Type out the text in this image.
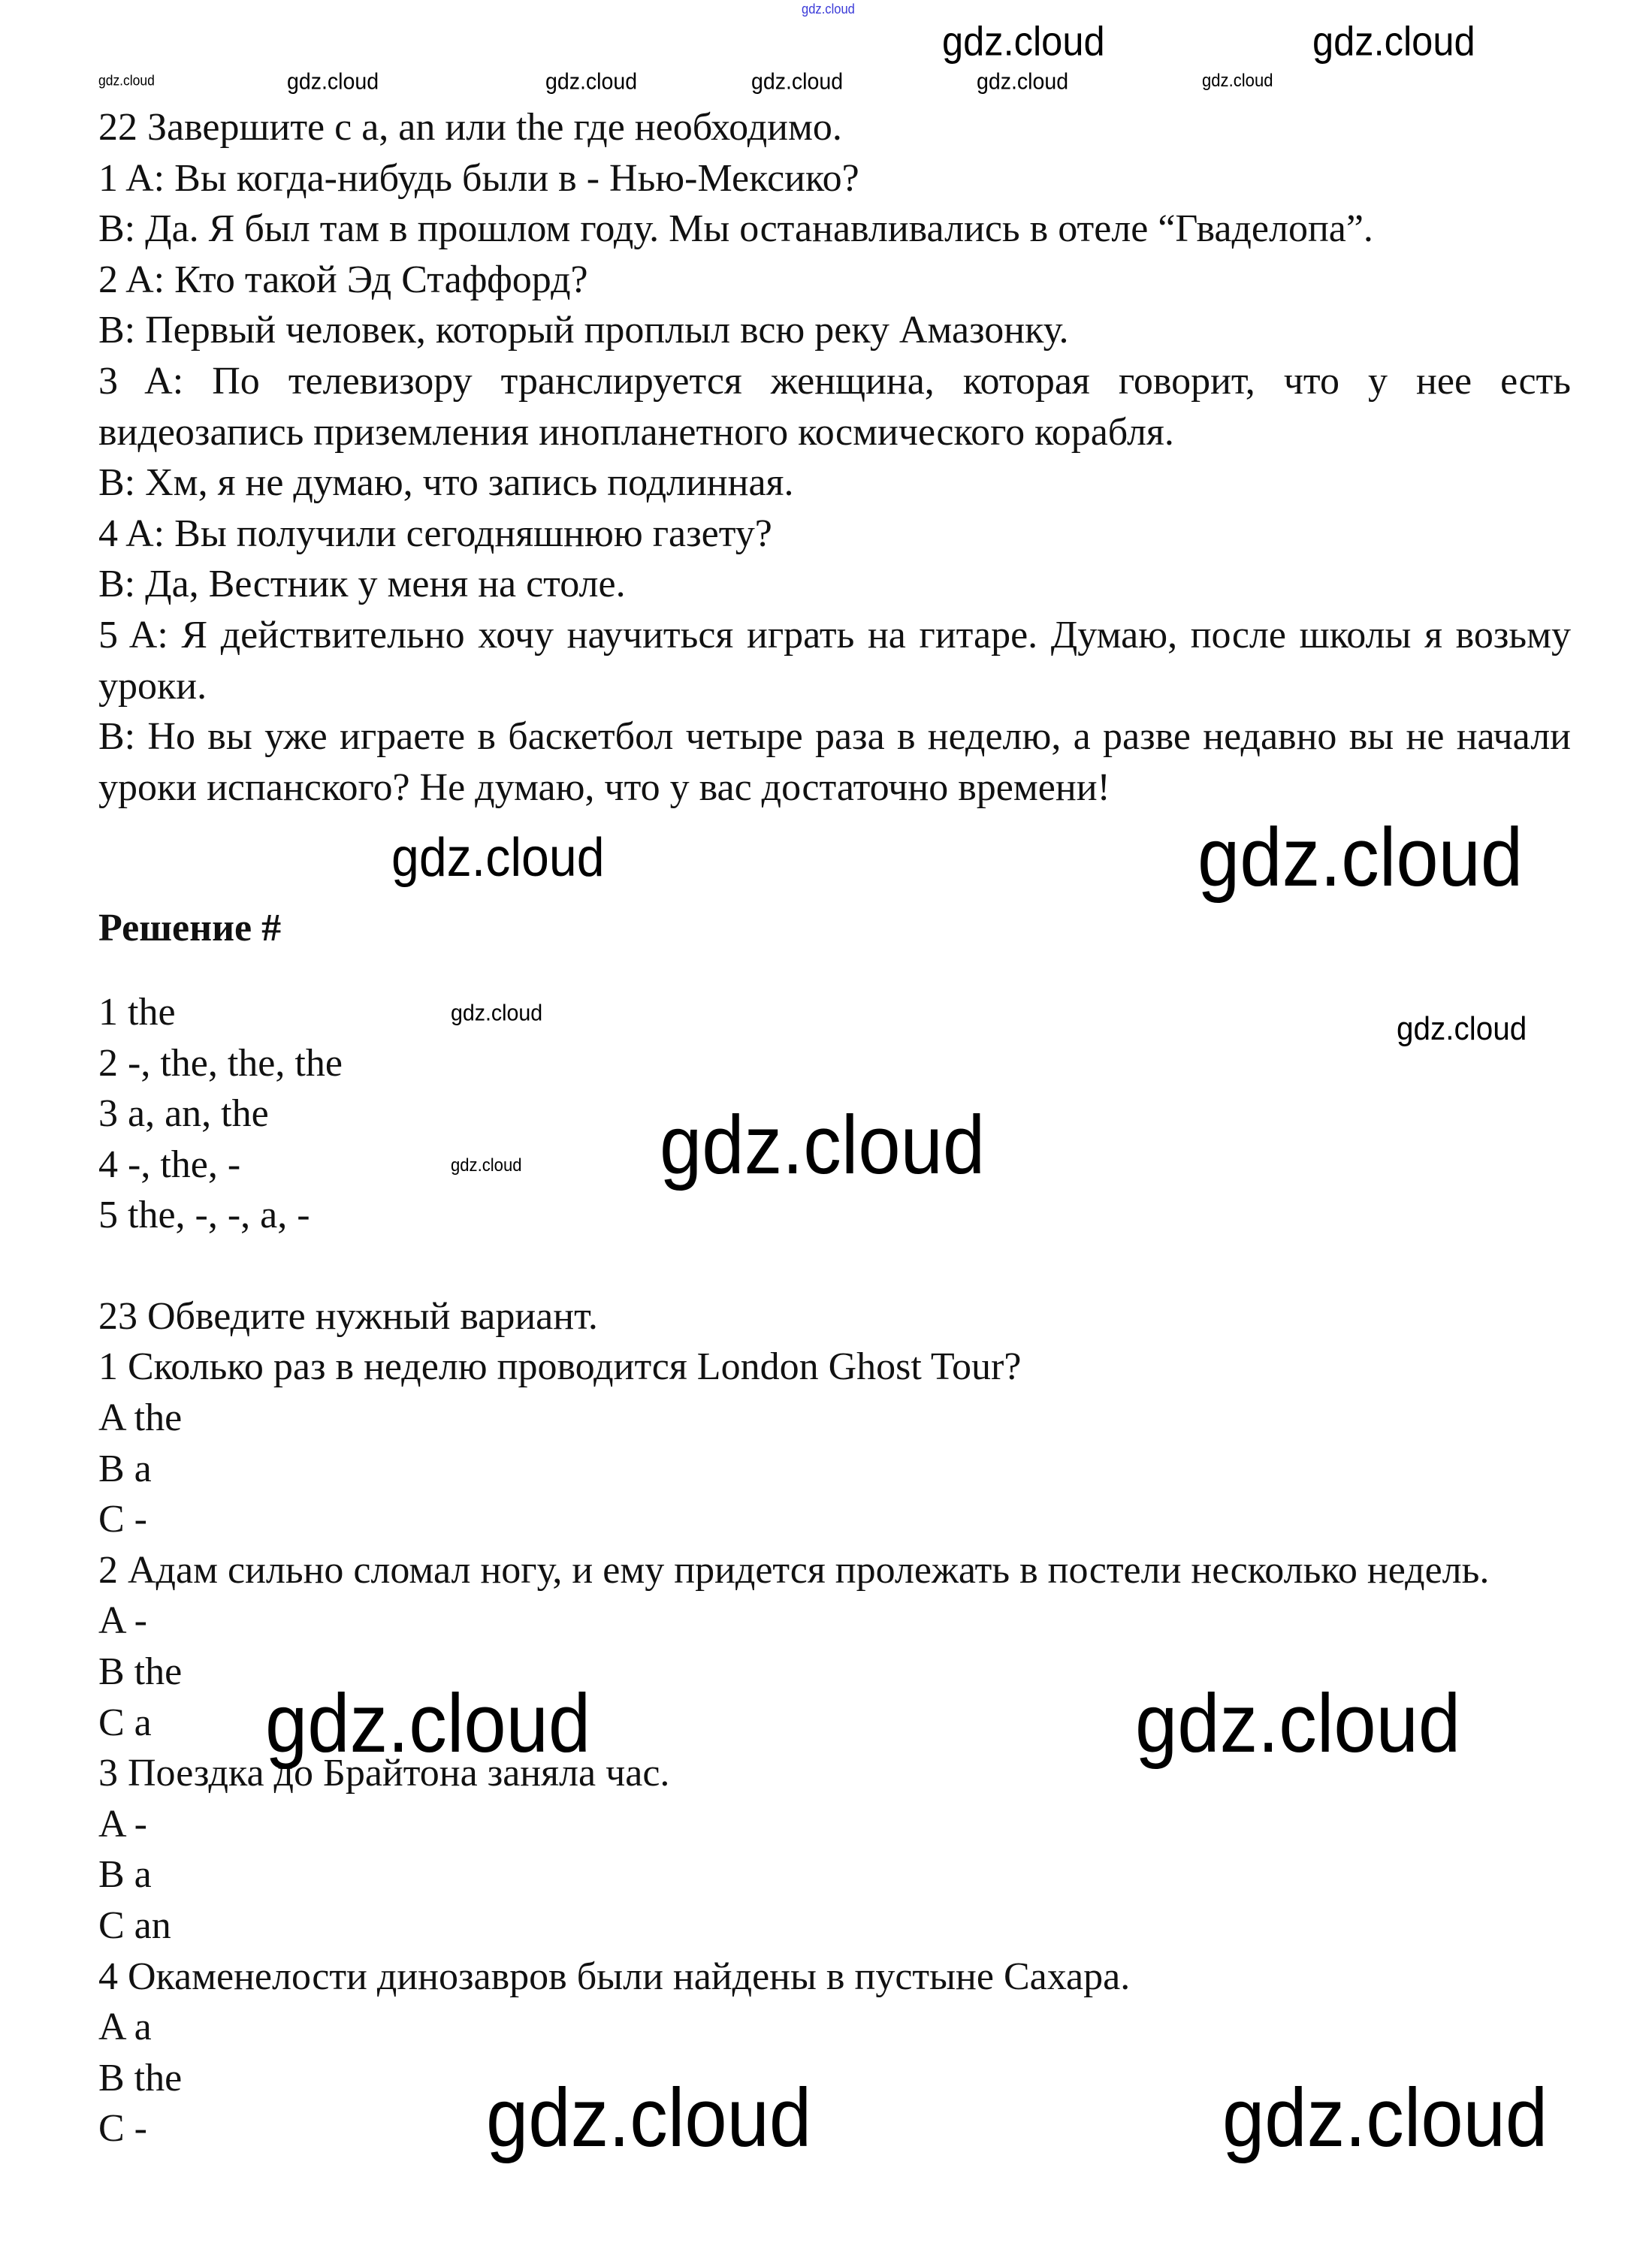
22 Завершите с a, an или the где необходимо.
1 A: Вы когда-нибудь были в - Нью-Мексико?
B: Да. Я был там в прошлом году. Мы останавливались в отеле “Гваделопа”.
2 A: Кто такой Эд Стаффорд?
B: Первый человек, который проплыл всю реку Амазонку.
3 A: По телевизору транслируется женщина, которая говорит, что у нее есть видеозапись приземления инопланетного космического корабля.
B: Хм, я не думаю, что запись подлинная.
4 A: Вы получили сегодняшнюю газету?
B: Да, Вестник у меня на столе.
5 A: Я действительно хочу научиться играть на гитаре. Думаю, после школы я возьму уроки.
B: Но вы уже играете в баскетбол четыре раза в неделю, а разве недавно вы не начали уроки испанского? Не думаю, что у вас достаточно времени!
Решение #
1 the
2 -, the, the, the
3 a, an, the
4 -, the, -
5 the, -, -, a, -
23 Обведите нужный вариант.
1 Сколько раз в неделю проводится London Ghost Tour?
A the
B a
C -
2 Адам сильно сломал ногу, и ему придется пролежать в постели несколько недель.
A -
B the
C a
3 Поездка до Брайтона заняла час.
A -
B a
C an
4 Окаменелости динозавров были найдены в пустыне Сахара.
A a
B the
C -
gdz.cloud
gdz.cloud	gdz.cloud
gdz.cloud
gdz.cloud	gdz.cloud	gdz.cloud	gdz.cloud	gdz.cloud
gdz.cloud
gdz.cloud
gdz.cloud	gdz.cloud
gdz.cloud
gdz.cloud
gdz.cloud	gdz.cloud
gdz.cloud	gdz.cloud
